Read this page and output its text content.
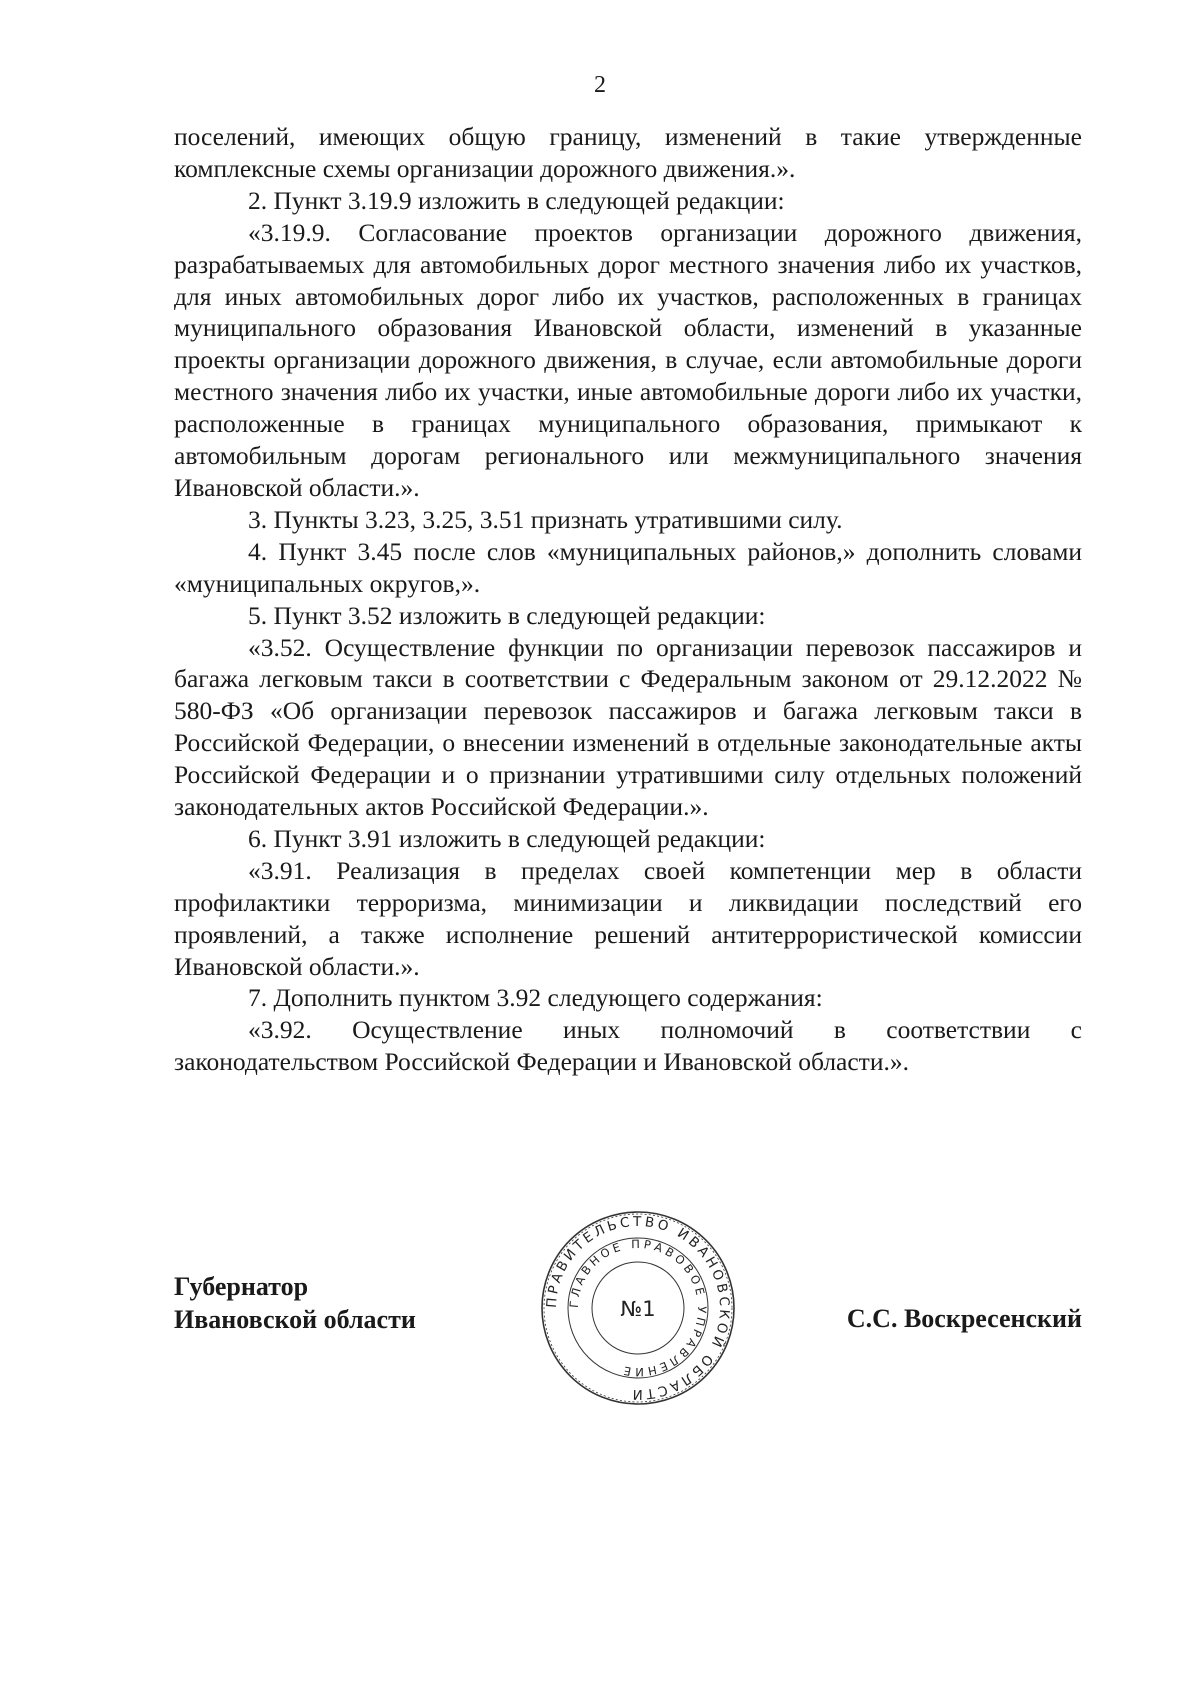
2

поселений, имеющих общую границу, изменений в такие утвержденные комплексные схемы организации дорожного движения.».

2. Пункт 3.19.9 изложить в следующей редакции:

«3.19.9. Согласование проектов организации дорожного движения, разрабатываемых для автомобильных дорог местного значения либо их участков, для иных автомобильных дорог либо их участков, расположенных в границах муниципального образования Ивановской области, изменений в указанные проекты организации дорожного движения, в случае, если автомобильные дороги местного значения либо их участки, иные автомобильные дороги либо их участки, расположенные в границах муниципального образования, примыкают к автомобильным дорогам регионального или межмуниципального значения Ивановской области.».

3. Пункты 3.23, 3.25, 3.51 признать утратившими силу.

4. Пункт 3.45 после слов «муниципальных районов,» дополнить словами «муниципальных округов,».

5. Пункт 3.52 изложить в следующей редакции:

«3.52. Осуществление функции по организации перевозок пассажиров и багажа легковым такси в соответствии с Федеральным законом от 29.12.2022 № 580-ФЗ «Об организации перевозок пассажиров и багажа легковым такси в Российской Федерации, о внесении изменений в отдельные законодательные акты Российской Федерации и о признании утратившими силу отдельных положений законодательных актов Российской Федерации.».

6. Пункт 3.91 изложить в следующей редакции:

«3.91. Реализация в пределах своей компетенции мер в области профилактики терроризма, минимизации и ликвидации последствий его проявлений, а также исполнение решений антитеррористической комиссии Ивановской области.».

7. Дополнить пунктом 3.92 следующего содержания:

«3.92. Осуществление иных полномочий в соответствии с законодательством Российской Федерации и Ивановской области.».

Губернатор
Ивановской области	С.С. Воскресенский
ПРАВИТЕЛЬСТВО ИВАНОВСКОЙ ОБЛАСТИ
ГЛАВНОЕ ПРАВОВОЕ УПРАВЛЕНИЕ
№1
